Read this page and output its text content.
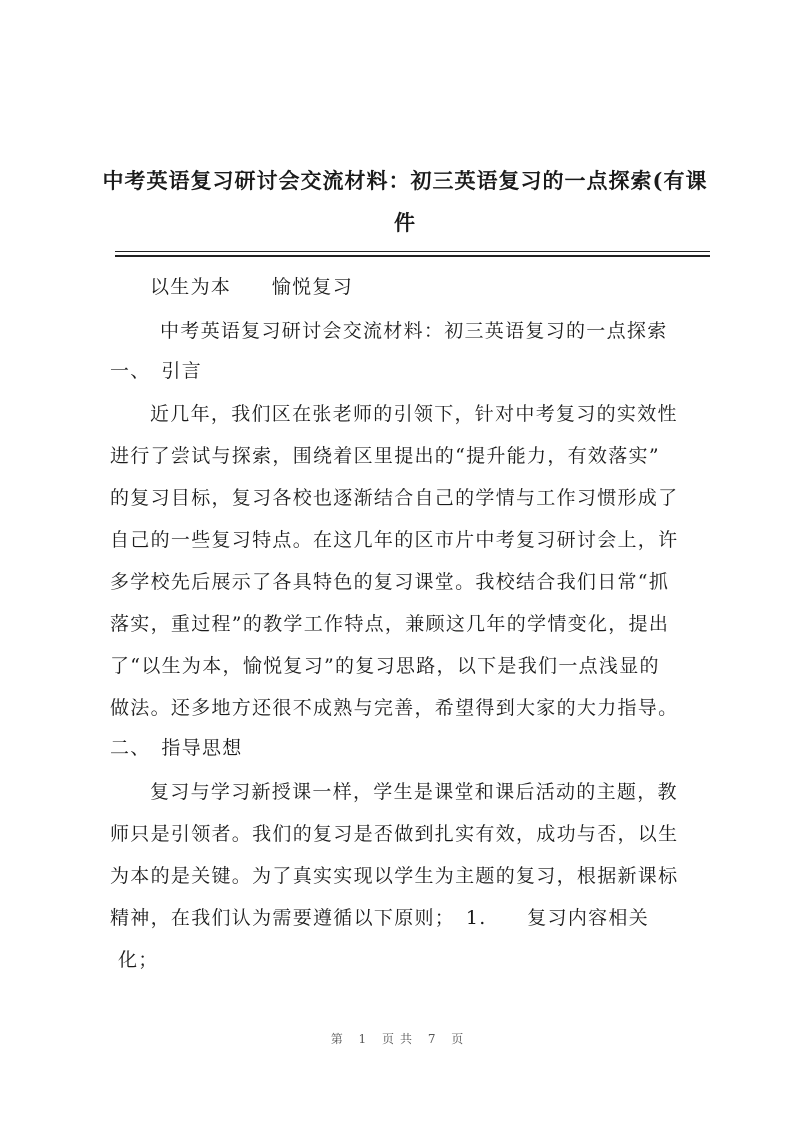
中考英语复习研讨会交流材料：初三英语复习的一点探索(有课
件
以生为本　　愉悦复习
中考英语复习研讨会交流材料：初三英语复习的一点探索
一、　引言
近几年，我们区在张老师的引领下，针对中考复习的实效性
进行了尝试与探索，围绕着区里提出的“提升能力，有效落实”
的复习目标，复习各校也逐渐结合自己的学情与工作习惯形成了
自己的一些复习特点。在这几年的区市片中考复习研讨会上，许
多学校先后展示了各具特色的复习课堂。我校结合我们日常“抓
落实，重过程”的教学工作特点，兼顾这几年的学情变化，提出
了“以生为本，愉悦复习”的复习思路，以下是我们一点浅显的
做法。还多地方还很不成熟与完善，希望得到大家的大力指导。
二、　指导思想
复习与学习新授课一样，学生是课堂和课后活动的主题，教
师只是引领者。我们的复习是否做到扎实有效，成功与否，以生
为本的是关键。为了真实实现以学生为主题的复习，根据新课标
精神，在我们认为需要遵循以下原则；　1.　　复习内容相关
化；
第 1 页共 7 页
